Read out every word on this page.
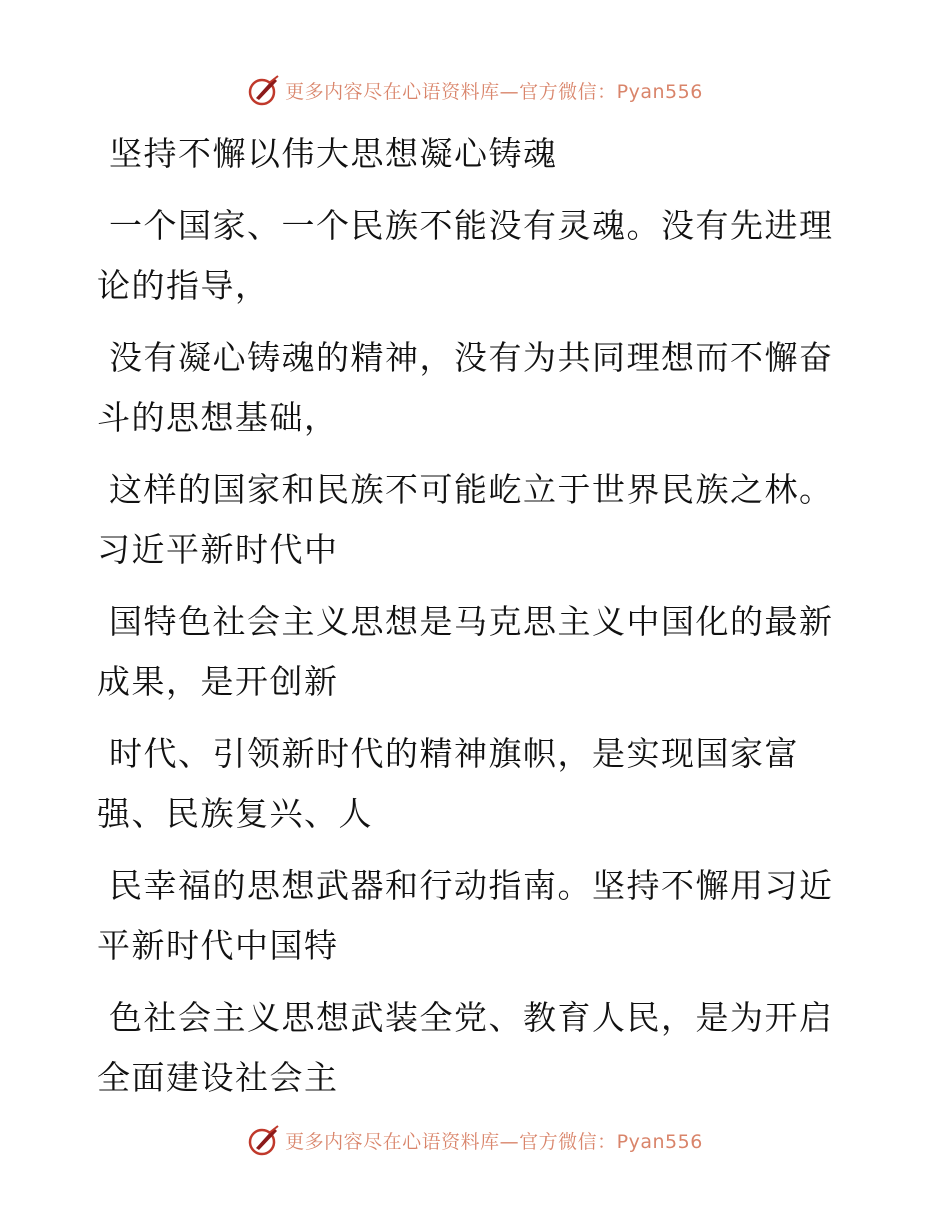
更多内容尽在心语资料库—官方微信：Pyan556
坚持不懈以伟大思想凝心铸魂
一个国家、一个民族不能没有灵魂。没有先进理
论的指导，
没有凝心铸魂的精神，没有为共同理想而不懈奋
斗的思想基础，
这样的国家和民族不可能屹立于世界民族之林。
习近平新时代中
国特色社会主义思想是马克思主义中国化的最新
成果，是开创新
时代、引领新时代的精神旗帜，是实现国家富
强、民族复兴、人
民幸福的思想武器和行动指南。坚持不懈用习近
平新时代中国特
色社会主义思想武装全党、教育人民，是为开启
全面建设社会主
更多内容尽在心语资料库—官方微信：Pyan556
